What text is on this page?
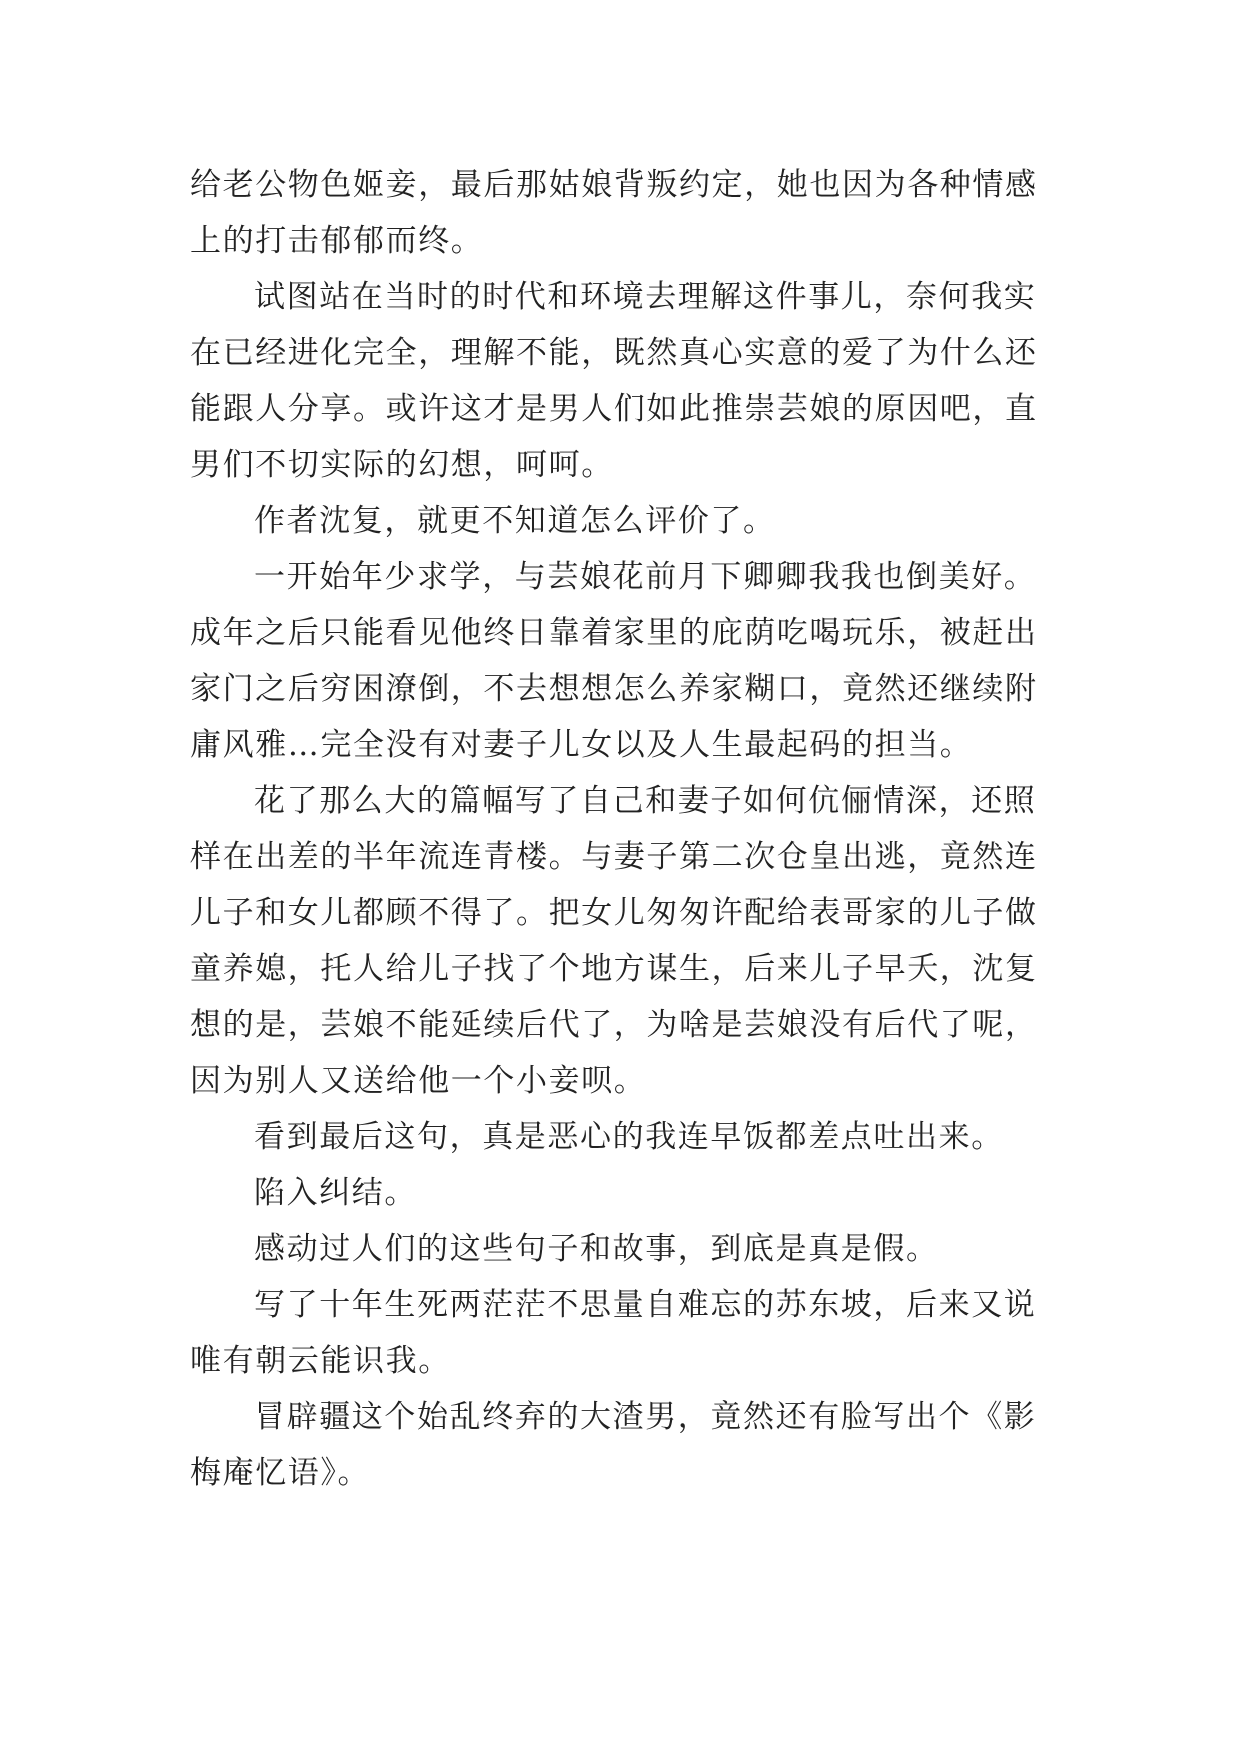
给老公物色姬妾，最后那姑娘背叛约定，她也因为各种情感上的打击郁郁而终。

试图站在当时的时代和环境去理解这件事儿，奈何我实在已经进化完全，理解不能，既然真心实意的爱了为什么还能跟人分享。或许这才是男人们如此推崇芸娘的原因吧，直男们不切实际的幻想，呵呵。

作者沈复，就更不知道怎么评价了。

一开始年少求学，与芸娘花前月下卿卿我我也倒美好。成年之后只能看见他终日靠着家里的庇荫吃喝玩乐，被赶出家门之后穷困潦倒，不去想想怎么养家糊口，竟然还继续附庸风雅…完全没有对妻子儿女以及人生最起码的担当。

花了那么大的篇幅写了自己和妻子如何伉俪情深，还照样在出差的半年流连青楼。与妻子第二次仓皇出逃，竟然连儿子和女儿都顾不得了。把女儿匆匆许配给表哥家的儿子做童养媳，托人给儿子找了个地方谋生，后来儿子早夭，沈复想的是，芸娘不能延续后代了，为啥是芸娘没有后代了呢，因为别人又送给他一个小妾呗。

看到最后这句，真是恶心的我连早饭都差点吐出来。

陷入纠结。

感动过人们的这些句子和故事，到底是真是假。

写了十年生死两茫茫不思量自难忘的苏东坡，后来又说唯有朝云能识我。

冒辟疆这个始乱终弃的大渣男，竟然还有脸写出个《影梅庵忆语》。
